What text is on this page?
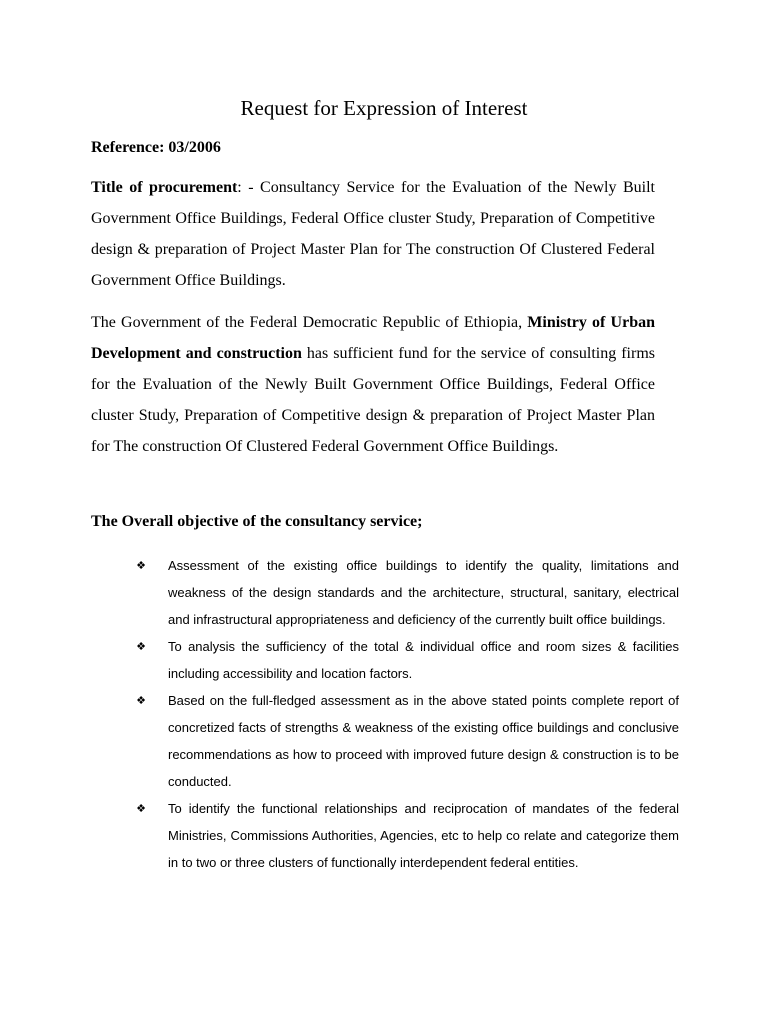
Request for Expression of Interest

Reference: 03/2006

Title of procurement: - Consultancy Service for the Evaluation of the Newly Built Government Office Buildings, Federal Office cluster Study, Preparation of Competitive design & preparation of Project Master Plan for The construction Of Clustered Federal Government Office Buildings.

The Government of the Federal Democratic Republic of Ethiopia, Ministry of Urban Development and construction has sufficient fund for the service of consulting firms for the Evaluation of the Newly Built Government Office Buildings, Federal Office cluster Study, Preparation of Competitive design & preparation of Project Master Plan for The construction Of Clustered Federal Government Office Buildings.

The Overall objective of the consultancy service;

❖ Assessment of the existing office buildings to identify the quality, limitations and weakness of the design standards and the architecture, structural, sanitary, electrical and infrastructural appropriateness and deficiency of the currently built office buildings.
❖ To analysis the sufficiency of the total & individual office and room sizes & facilities including accessibility and location factors.
❖ Based on the full-fledged assessment as in the above stated points complete report of concretized facts of strengths & weakness of the existing office buildings and conclusive recommendations as how to proceed with improved future design & construction is to be conducted.
❖ To identify the functional relationships and reciprocation of mandates of the federal Ministries, Commissions Authorities, Agencies, etc to help co relate and categorize them in to two or three clusters of functionally interdependent federal entities.
